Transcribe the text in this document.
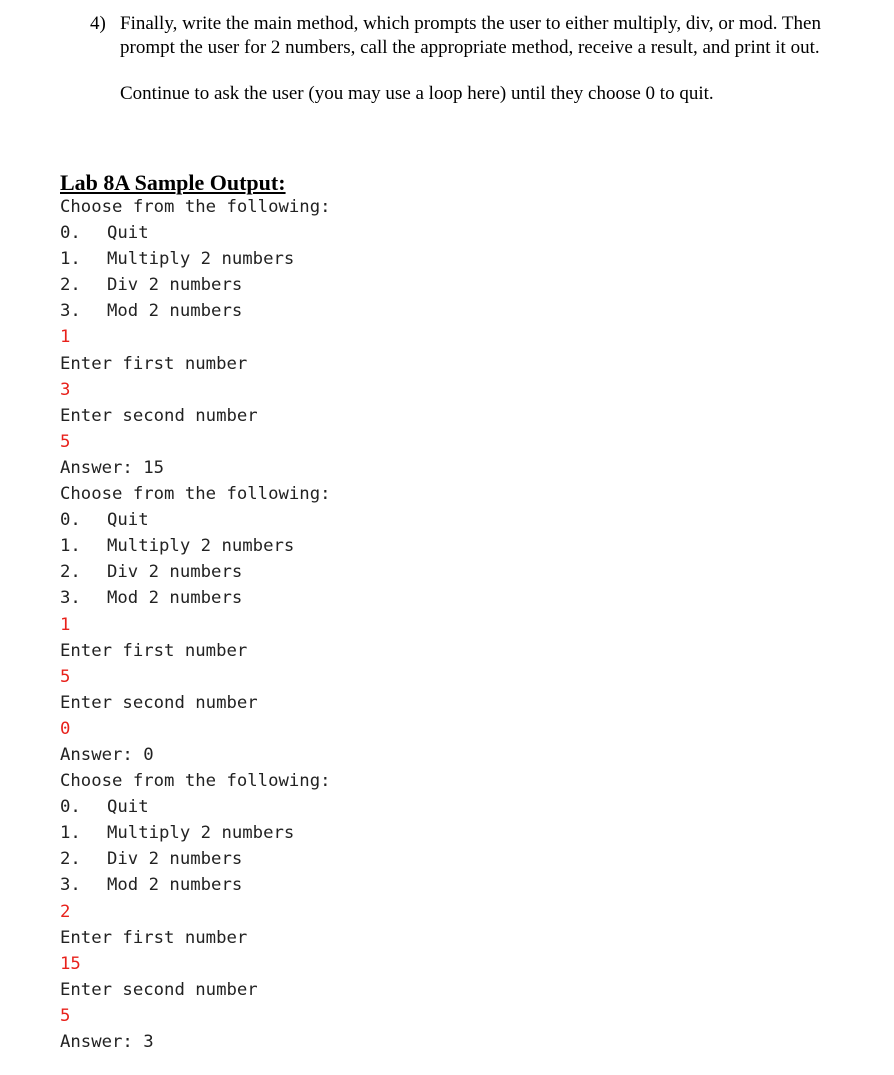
4) Finally, write the main method, which prompts the user to either multiply, div, or mod. Then prompt the user for 2 numbers, call the appropriate method, receive a result, and print it out.

Continue to ask the user (you may use a loop here) until they choose 0 to quit.

Lab 8A Sample Output:
Choose from the following:
0. Quit
1. Multiply 2 numbers
2. Div 2 numbers
3. Mod 2 numbers
1
Enter first number
3
Enter second number
5
Answer: 15
Choose from the following:
0. Quit
1. Multiply 2 numbers
2. Div 2 numbers
3. Mod 2 numbers
1
Enter first number
5
Enter second number
0
Answer: 0
Choose from the following:
0. Quit
1. Multiply 2 numbers
2. Div 2 numbers
3. Mod 2 numbers
2
Enter first number
15
Enter second number
5
Answer: 3
